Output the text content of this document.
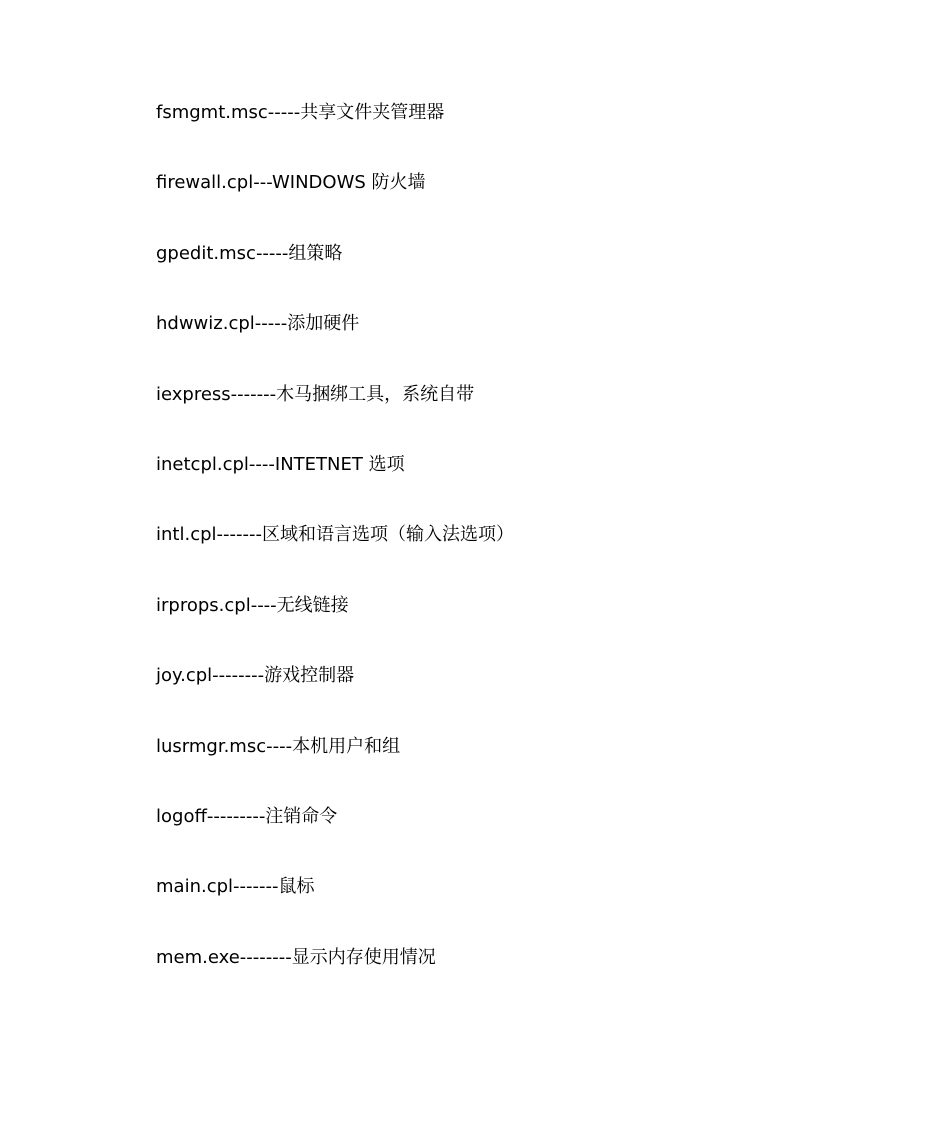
fsmgmt.msc-----共享文件夹管理器
firewall.cpl---WINDOWS 防火墙
gpedit.msc-----组策略
hdwwiz.cpl-----添加硬件
iexpress-------木马捆绑工具，系统自带
inetcpl.cpl----INTETNET 选项
intl.cpl-------区域和语言选项（输入法选项）
irprops.cpl----无线链接
joy.cpl--------游戏控制器
lusrmgr.msc----本机用户和组
logoff---------注销命令
main.cpl-------鼠标
mem.exe--------显示内存使用情况
